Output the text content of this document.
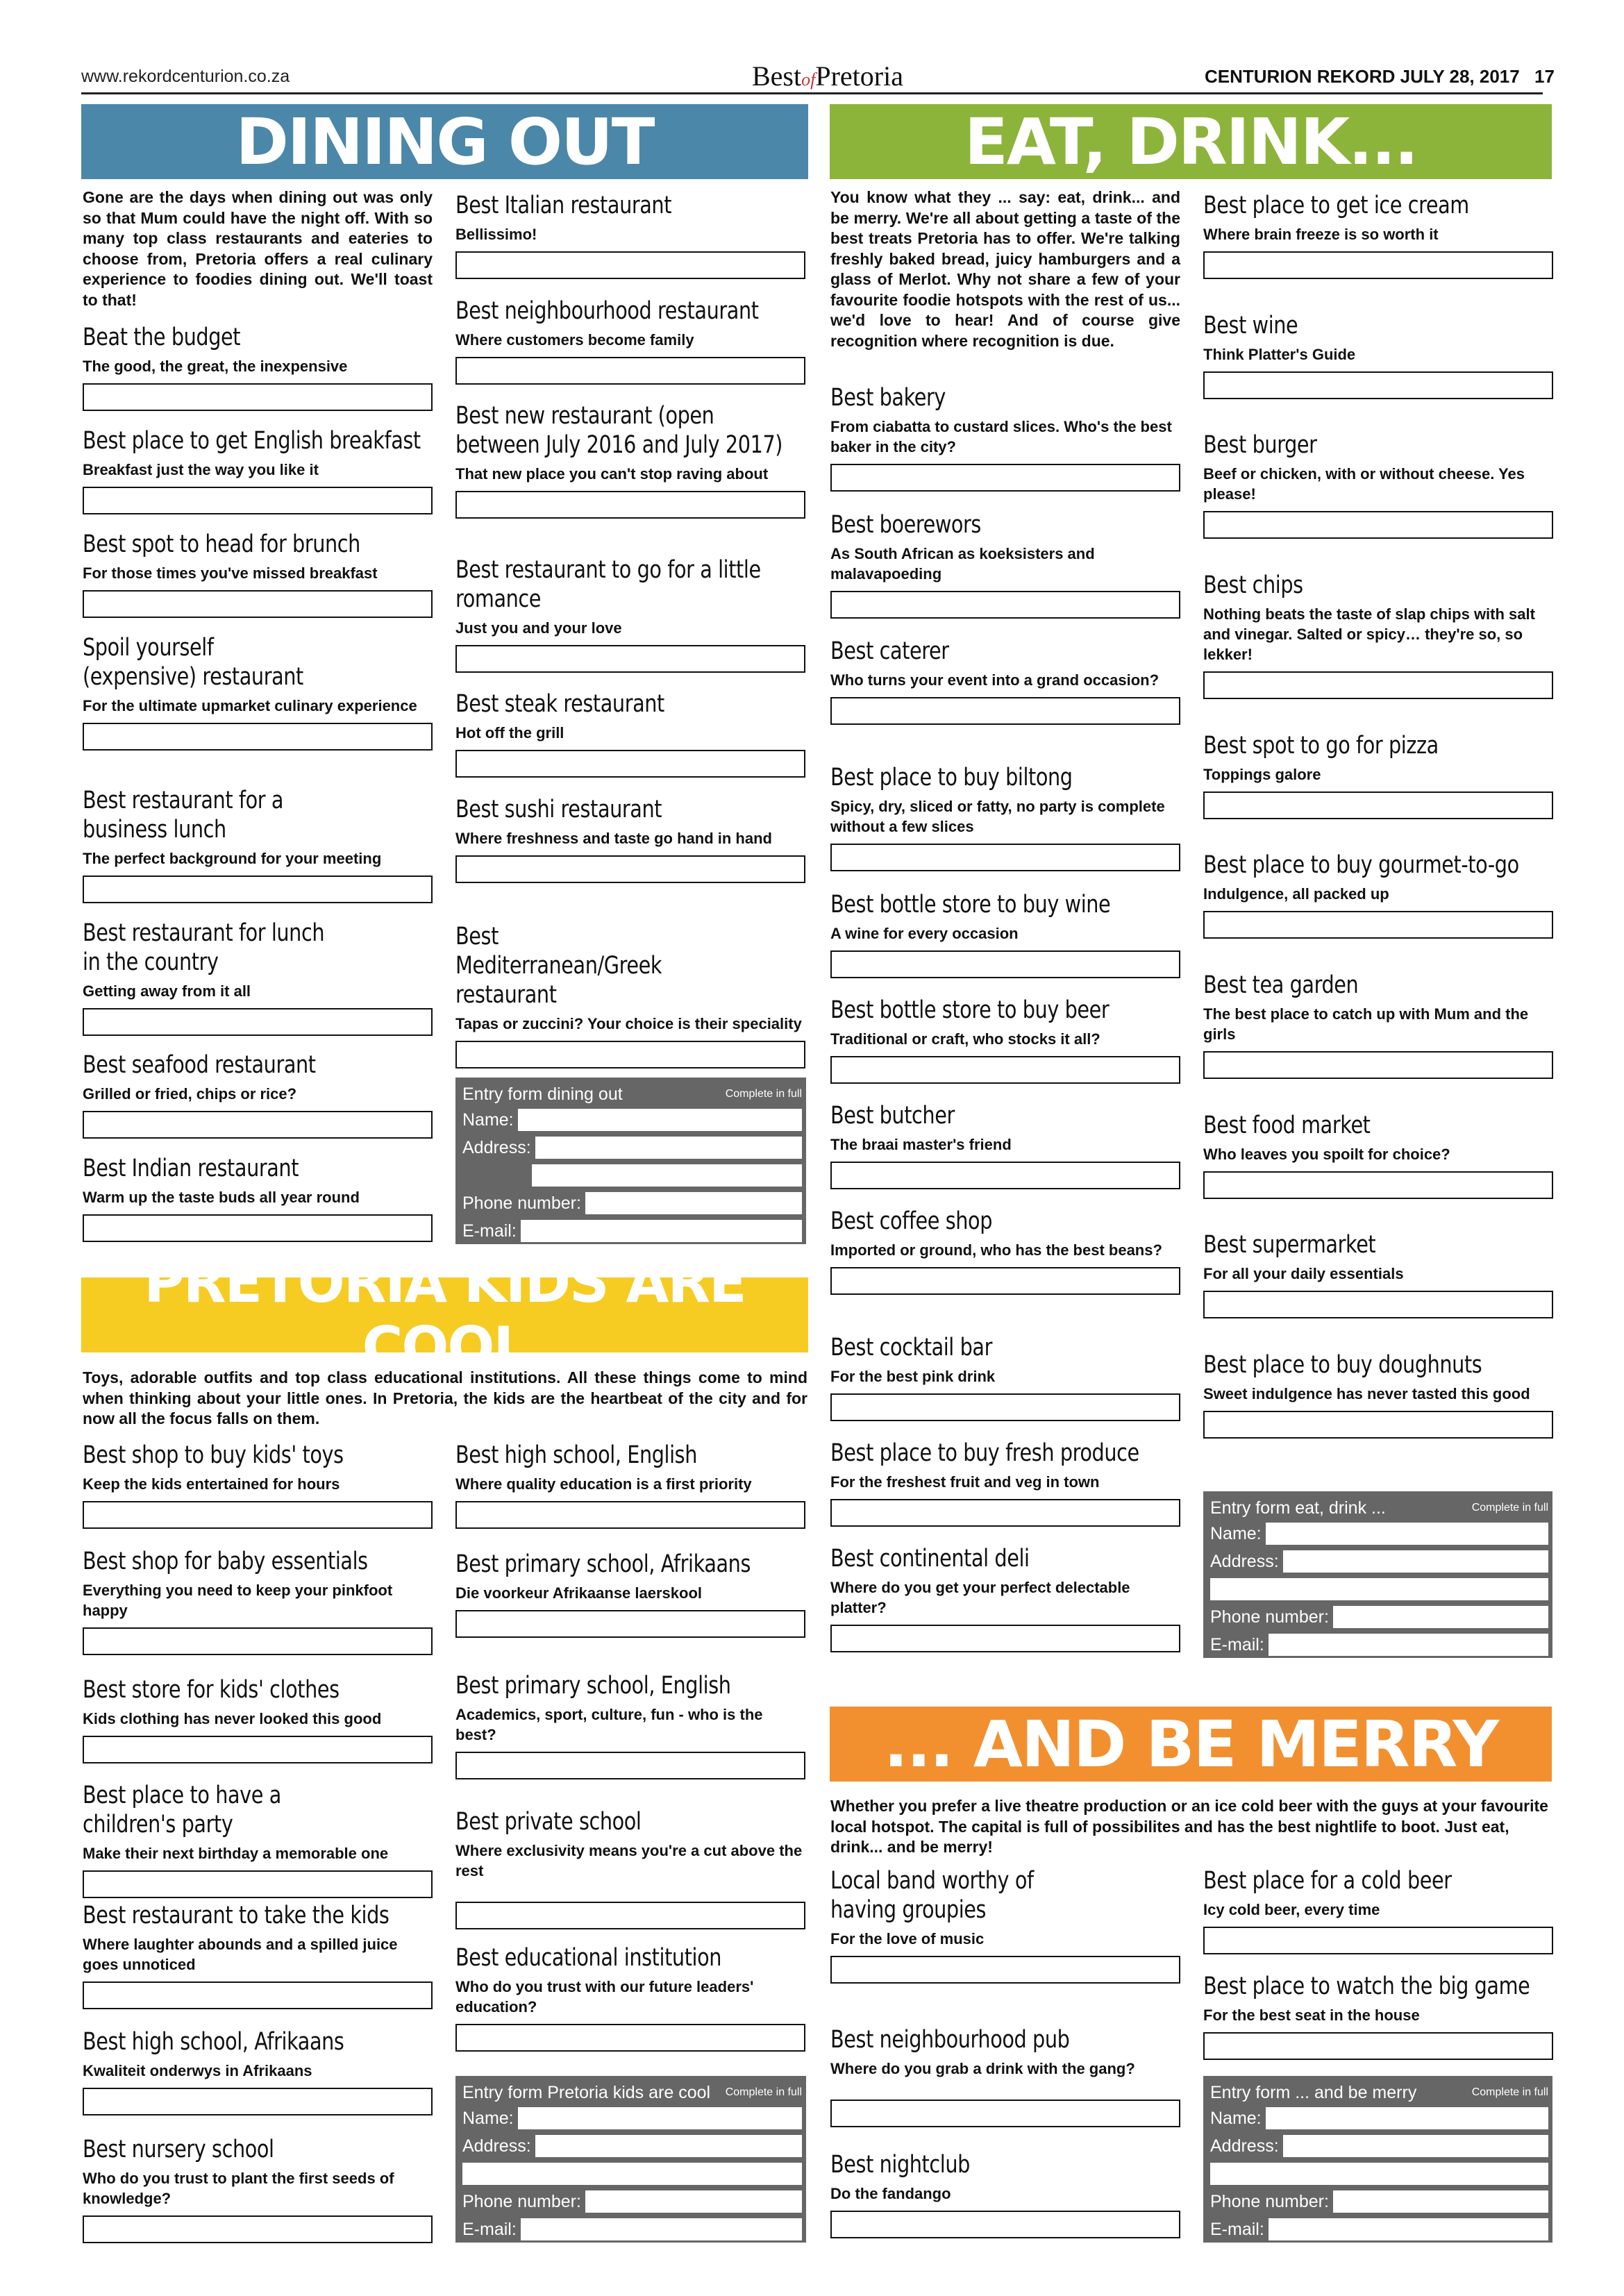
www.rekordcenturion.co.za	BestofPretoria	CENTURION REKORD JULY 28, 2017 17
DINING OUT	EAT, DRINK...
PRETORIA KIDS ARE COOL
... AND BE MERRY
Gone are the days when dining out was only so that Mum could have the night off. With so many top class restaurants and eateries to choose from, Pretoria offers a real culinary experience to foodies dining out. We'll toast to that!
You know what they ... say: eat, drink... and be merry. We're all about getting a taste of the best treats Pretoria has to offer. We're talking freshly baked bread, juicy hamburgers and a glass of Merlot. Why not share a few of your favourite foodie hotspots with the rest of us... we'd love to hear! And of course give recognition where recognition is due.
Toys, adorable outfits and top class educational institutions. All these things come to mind when thinking about your little ones. In Pretoria, the kids are the heartbeat of the city and for now all the focus falls on them.
Whether you prefer a live theatre production or an ice cold beer with the guys at your favourite local hotspot. The capital is full of possibilites and has the best nightlife to boot. Just eat, drink... and be merry!
Beat the budget
The good, the great, the inexpensive
Best place to get English breakfast
Breakfast just the way you like it
Best spot to head for brunch
For those times you've missed breakfast
Spoil yourself (expensive) restaurant
For the ultimate upmarket culinary experience
Best restaurant for a business lunch
The perfect background for your meeting
Best restaurant for lunch in the country
Getting away from it all
Best seafood restaurant
Grilled or fried, chips or rice?
Best Indian restaurant
Warm up the taste buds all year round
Best Italian restaurant
Bellissimo!
Best neighbourhood restaurant
Where customers become family
Best new restaurant (open between July 2016 and July 2017)
That new place you can't stop raving about
Best restaurant to go for a little romance
Just you and your love
Best steak restaurant
Hot off the grill
Best sushi restaurant
Where freshness and taste go hand in hand
Best Mediterranean/Greek restaurant
Tapas or zuccini? Your choice is their speciality
Entry form dining out	Complete in full
Name:
Address:
Phone number:
E-mail:
Best bakery
From ciabatta to custard slices. Who's the best baker in the city?
Best boerewors
As South African as koeksisters and malavapoeding
Best caterer
Who turns your event into a grand occasion?
Best place to buy biltong
Spicy, dry, sliced or fatty, no party is complete without a few slices
Best bottle store to buy wine
A wine for every occasion
Best bottle store to buy beer
Traditional or craft, who stocks it all?
Best butcher
The braai master's friend
Best coffee shop
Imported or ground, who has the best beans?
Best cocktail bar
For the best pink drink
Best place to buy fresh produce
For the freshest fruit and veg in town
Best continental deli
Where do you get your perfect delectable platter?
Best place to get ice cream
Where brain freeze is so worth it
Best wine
Think Platter's Guide
Best burger
Beef or chicken, with or without cheese. Yes please!
Best chips
Nothing beats the taste of slap chips with salt and vinegar. Salted or spicy… they're so, so lekker!
Best spot to go for pizza
Toppings galore
Best place to buy gourmet-to-go
Indulgence, all packed up
Best tea garden
The best place to catch up with Mum and the girls
Best food market
Who leaves you spoilt for choice?
Best supermarket
For all your daily essentials
Best place to buy doughnuts
Sweet indulgence has never tasted this good
Entry form eat, drink ...	Complete in full
Name:
Address:
Phone number:
E-mail:
Best shop to buy kids' toys
Keep the kids entertained for hours
Best shop for baby essentials
Everything you need to keep your pinkfoot happy
Best store for kids' clothes
Kids clothing has never looked this good
Best place to have a children's party
Make their next birthday a memorable one
Best restaurant to take the kids
Where laughter abounds and a spilled juice goes unnoticed
Best high school, Afrikaans
Kwaliteit onderwys in Afrikaans
Best nursery school
Who do you trust to plant the first seeds of knowledge?
Best high school, English
Where quality education is a first priority
Best primary school, Afrikaans
Die voorkeur Afrikaanse laerskool
Best primary school, English
Academics, sport, culture, fun - who is the best?
Best private school
Where exclusivity means you're a cut above the rest
Best educational institution
Who do you trust with our future leaders' education?
Entry form Pretoria kids are cool Complete in full
Name:
Address:
Phone number:
E-mail:
Local band worthy of having groupies
For the love of music
Best neighbourhood pub
Where do you grab a drink with the gang?
Best nightclub
Do the fandango
Best place for a cold beer
Icy cold beer, every time
Best place to watch the big game
For the best seat in the house
Entry form ... and be merry	Complete in full
Name:
Address:
Phone number:
E-mail:
